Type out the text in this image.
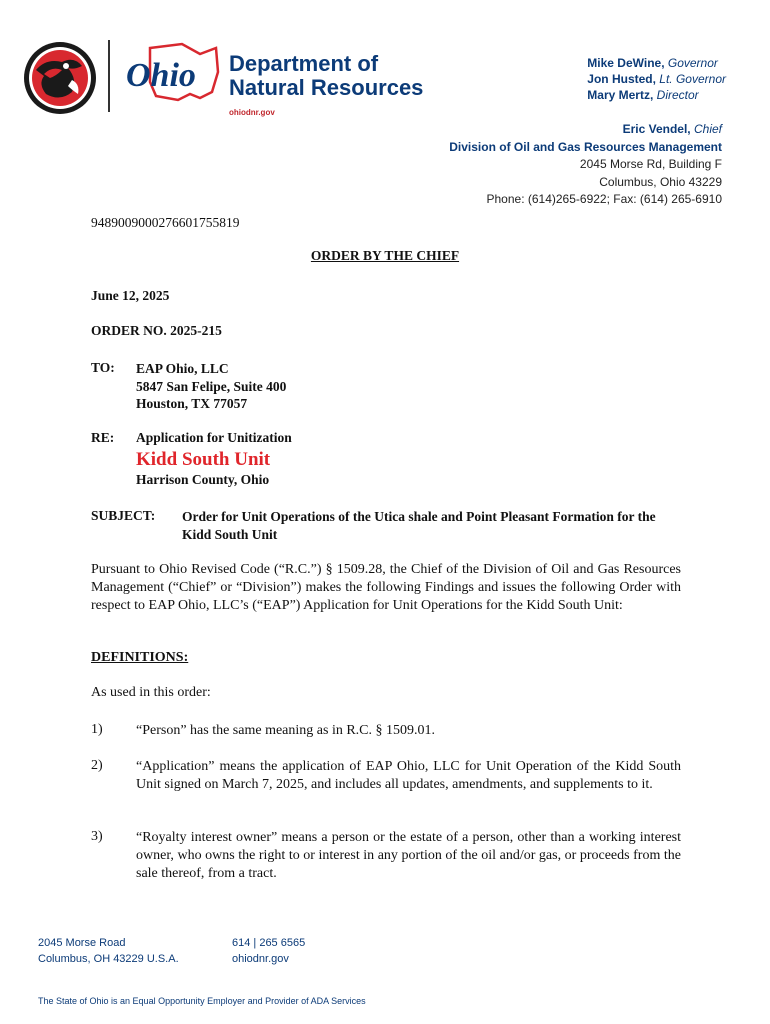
Ohio Department of
Natural Resources
ohiodnr.gov
Mike DeWine, Governor
Jon Husted, Lt. Governor
Mary Mertz, Director
Eric Vendel, Chief
Division of Oil and Gas Resources Management
2045 Morse Rd, Building F
Columbus, Ohio 43229
Phone: (614)265-6922; Fax: (614) 265-6910
9489009000276601755819
ORDER BY THE CHIEF
June 12, 2025
ORDER NO. 2025-215
TO: EAP Ohio, LLC
5847 San Felipe, Suite 400
Houston, TX 77057
RE: Application for Unitization
Kidd South Unit
Harrison County, Ohio
SUBJECT: Order for Unit Operations of the Utica shale and Point Pleasant Formation for the Kidd South Unit
Pursuant to Ohio Revised Code (“R.C.”) § 1509.28, the Chief of the Division of Oil and Gas Resources Management (“Chief” or “Division”) makes the following Findings and issues the following Order with respect to EAP Ohio, LLC’s (“EAP”) Application for Unit Operations for the Kidd South Unit:
DEFINITIONS:
As used in this order:
1) “Person” has the same meaning as in R.C. § 1509.01.
2) “Application” means the application of EAP Ohio, LLC for Unit Operation of the Kidd South Unit signed on March 7, 2025, and includes all updates, amendments, and supplements to it.
3) “Royalty interest owner” means a person or the estate of a person, other than a working interest owner, who owns the right to or interest in any portion of the oil and/or gas, or proceeds from the sale thereof, from a tract.
2045 Morse Road
Columbus, OH 43229 U.S.A.
614 | 265 6565
ohiodnr.gov
The State of Ohio is an Equal Opportunity Employer and Provider of ADA Services
